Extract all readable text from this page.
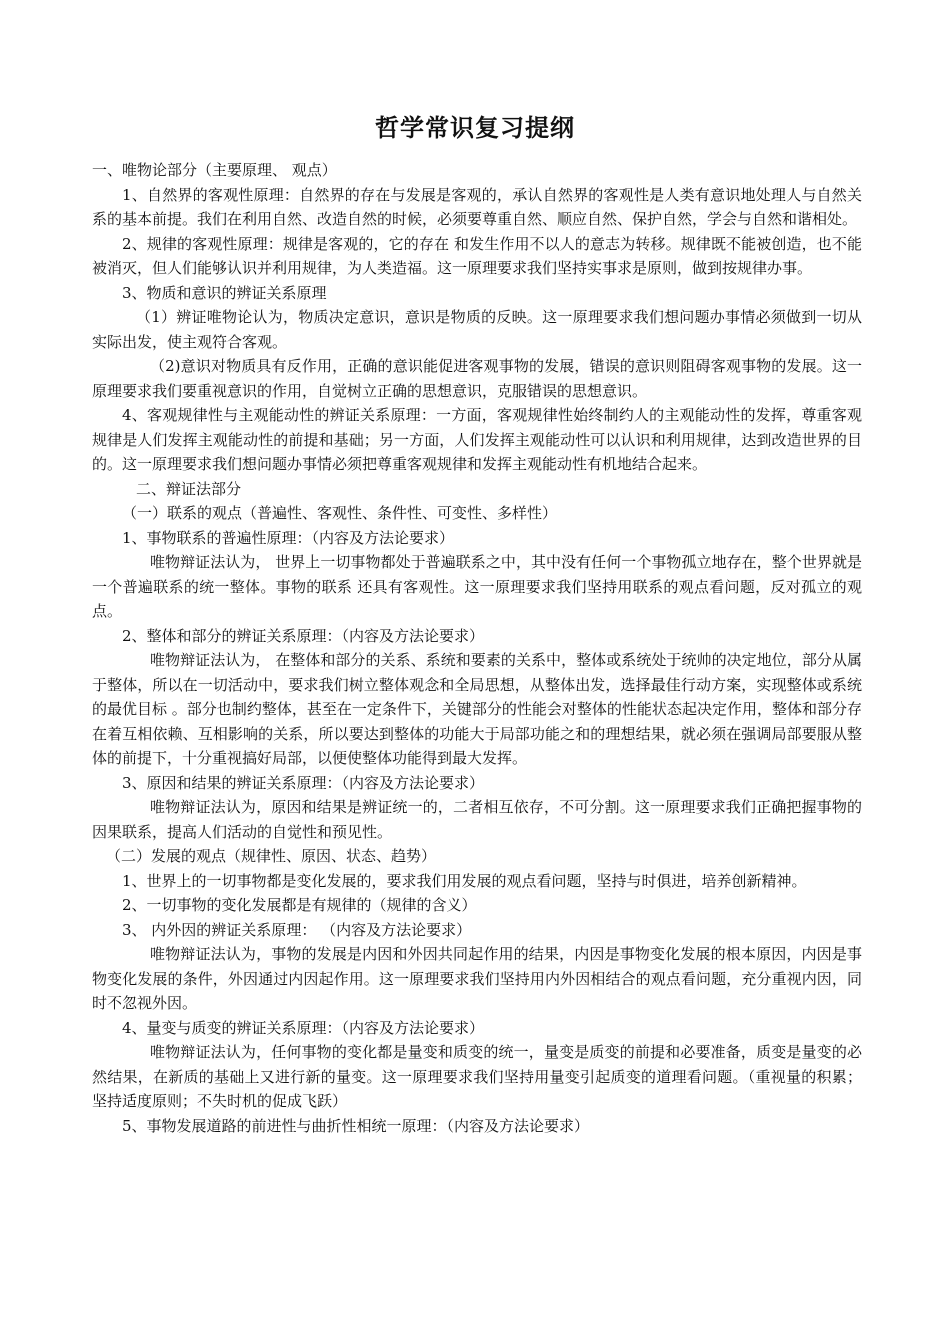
哲学常识复习提纲

一、唯物论部分（主要原理、 观点）

1、自然界的客观性原理：自然界的存在与发展是客观的，承认自然界的客观性是人类有意识地处理人与自然关系的基本前提。我们在利用自然、改造自然的时候，必须要尊重自然、顺应自然、保护自然，学会与自然和谐相处。

2、规律的客观性原理：规律是客观的，它的存在 和发生作用不以人的意志为转移。规律既不能被创造，也不能被消灭，但人们能够认识并利用规律，为人类造福。这一原理要求我们坚持实事求是原则，做到按规律办事。

3、物质和意识的辨证关系原理

（1）辨证唯物论认为，物质决定意识，意识是物质的反映。这一原理要求我们想问题办事情必须做到一切从实际出发，使主观符合客观。

（2)意识对物质具有反作用，正确的意识能促进客观事物的发展，错误的意识则阻碍客观事物的发展。这一原理要求我们要重视意识的作用，自觉树立正确的思想意识，克服错误的思想意识。

4、客观规律性与主观能动性的辨证关系原理：一方面，客观规律性始终制约人的主观能动性的发挥，尊重客观规律是人们发挥主观能动性的前提和基础；另一方面，人们发挥主观能动性可以认识和利用规律，达到改造世界的目的。这一原理要求我们想问题办事情必须把尊重客观规律和发挥主观能动性有机地结合起来。

二、辩证法部分

（一）联系的观点（普遍性、客观性、条件性、可变性、多样性）

1、事物联系的普遍性原理：（内容及方法论要求）

唯物辩证法认为， 世界上一切事物都处于普遍联系之中，其中没有任何一个事物孤立地存在，整个世界就是一个普遍联系的统一整体。事物的联系 还具有客观性。这一原理要求我们坚持用联系的观点看问题，反对孤立的观点。

2、整体和部分的辨证关系原理：（内容及方法论要求）

唯物辩证法认为， 在整体和部分的关系、系统和要素的关系中，整体或系统处于统帅的决定地位，部分从属于整体，所以在一切活动中，要求我们树立整体观念和全局思想，从整体出发，选择最佳行动方案，实现整体或系统的最优目标 。部分也制约整体，甚至在一定条件下，关键部分的性能会对整体的性能状态起决定作用，整体和部分存在着互相依赖、互相影响的关系，所以要达到整体的功能大于局部功能之和的理想结果，就必须在强调局部要服从整体的前提下，十分重视搞好局部，以便使整体功能得到最大发挥。

3、原因和结果的辨证关系原理：（内容及方法论要求）

唯物辩证法认为，原因和结果是辨证统一的，二者相互依存，不可分割。这一原理要求我们正确把握事物的因果联系，提高人们活动的自觉性和预见性。

（二）发展的观点（规律性、原因、状态、趋势）

1、世界上的一切事物都是变化发展的，要求我们用发展的观点看问题，坚持与时俱进，培养创新精神。

2、一切事物的变化发展都是有规律的（规律的含义）

3、 内外因的辨证关系原理： （内容及方法论要求）

唯物辩证法认为，事物的发展是内因和外因共同起作用的结果，内因是事物变化发展的根本原因，内因是事物变化发展的条件，外因通过内因起作用。这一原理要求我们坚持用内外因相结合的观点看问题，充分重视内因，同时不忽视外因。

4、量变与质变的辨证关系原理：（内容及方法论要求）

唯物辩证法认为，任何事物的变化都是量变和质变的统一，量变是质变的前提和必要准备，质变是量变的必然结果，在新质的基础上又进行新的量变。这一原理要求我们坚持用量变引起质变的道理看问题。（重视量的积累；坚持适度原则；不失时机的促成飞跃）

5、事物发展道路的前进性与曲折性相统一原理：（内容及方法论要求）
